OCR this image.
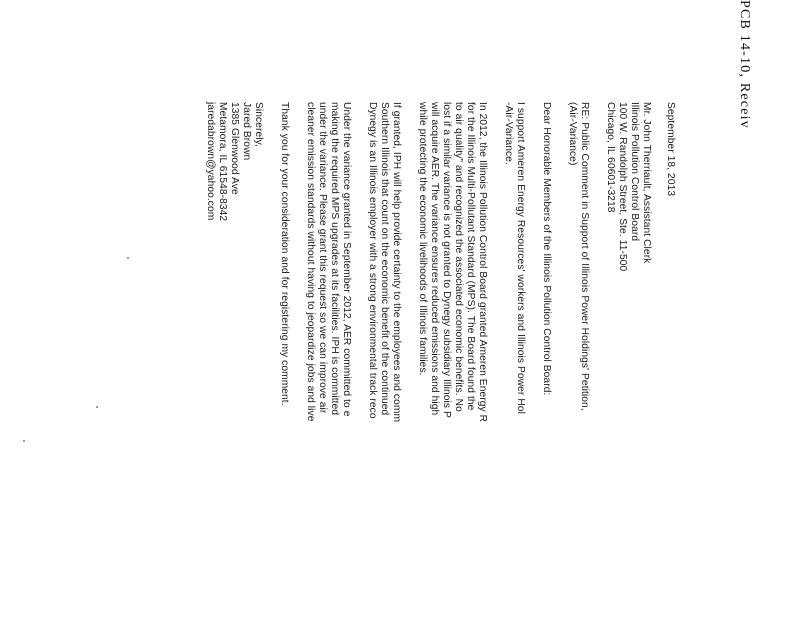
PCB 14-10, Receiv
September 18, 2013
Mr. John Therriault, Assistant Clerk
Illinois Pollution Control Board
100 W. Randolph Street, Ste. 11-500
Chicago, IL 60601-3218
RE: Public Comment in Support of Illinois Power Holdings' Petition,
(Air-Variance)
Dear Honorable Members of the Illinois Pollution Control Board:
I support Ameren Energy Resources' workers and Illinois Power Hol
-Air-Variance.
In 2012, the Illinois Pollution Control Board granted Ameren Energy R
for the Illinois Multi-Pollutant Standard (MPS). The Board found the
to air quality" and recognized the associated economic benefits. No
lost if a similar variance is not granted to Dynegy subsidiary Illinois P
will acquire AER. The variance ensures reduced emissions and high
while protecting the economic livelihoods of Illinois families.
If granted, IPH will help provide certainty to the employees and comm
Southern Illinois that count on the economic benefit of the continued
Dynegy is an Illinois employer with a strong environmental track reco
Under the variance granted in September 2012, AER committed to e
making the required MPS upgrades at its facilities. IPH is committed
under the variance. Please grant this request so we can improve air
cleaner emission standards without having to jeopardize jobs and live
Thank you for your consideration and for registering my comment.
Sincerely,
Jared Brown
1385 Glenwood Ave
Metamora, IL 61548-8342
jaredabrown@yahoo.com
